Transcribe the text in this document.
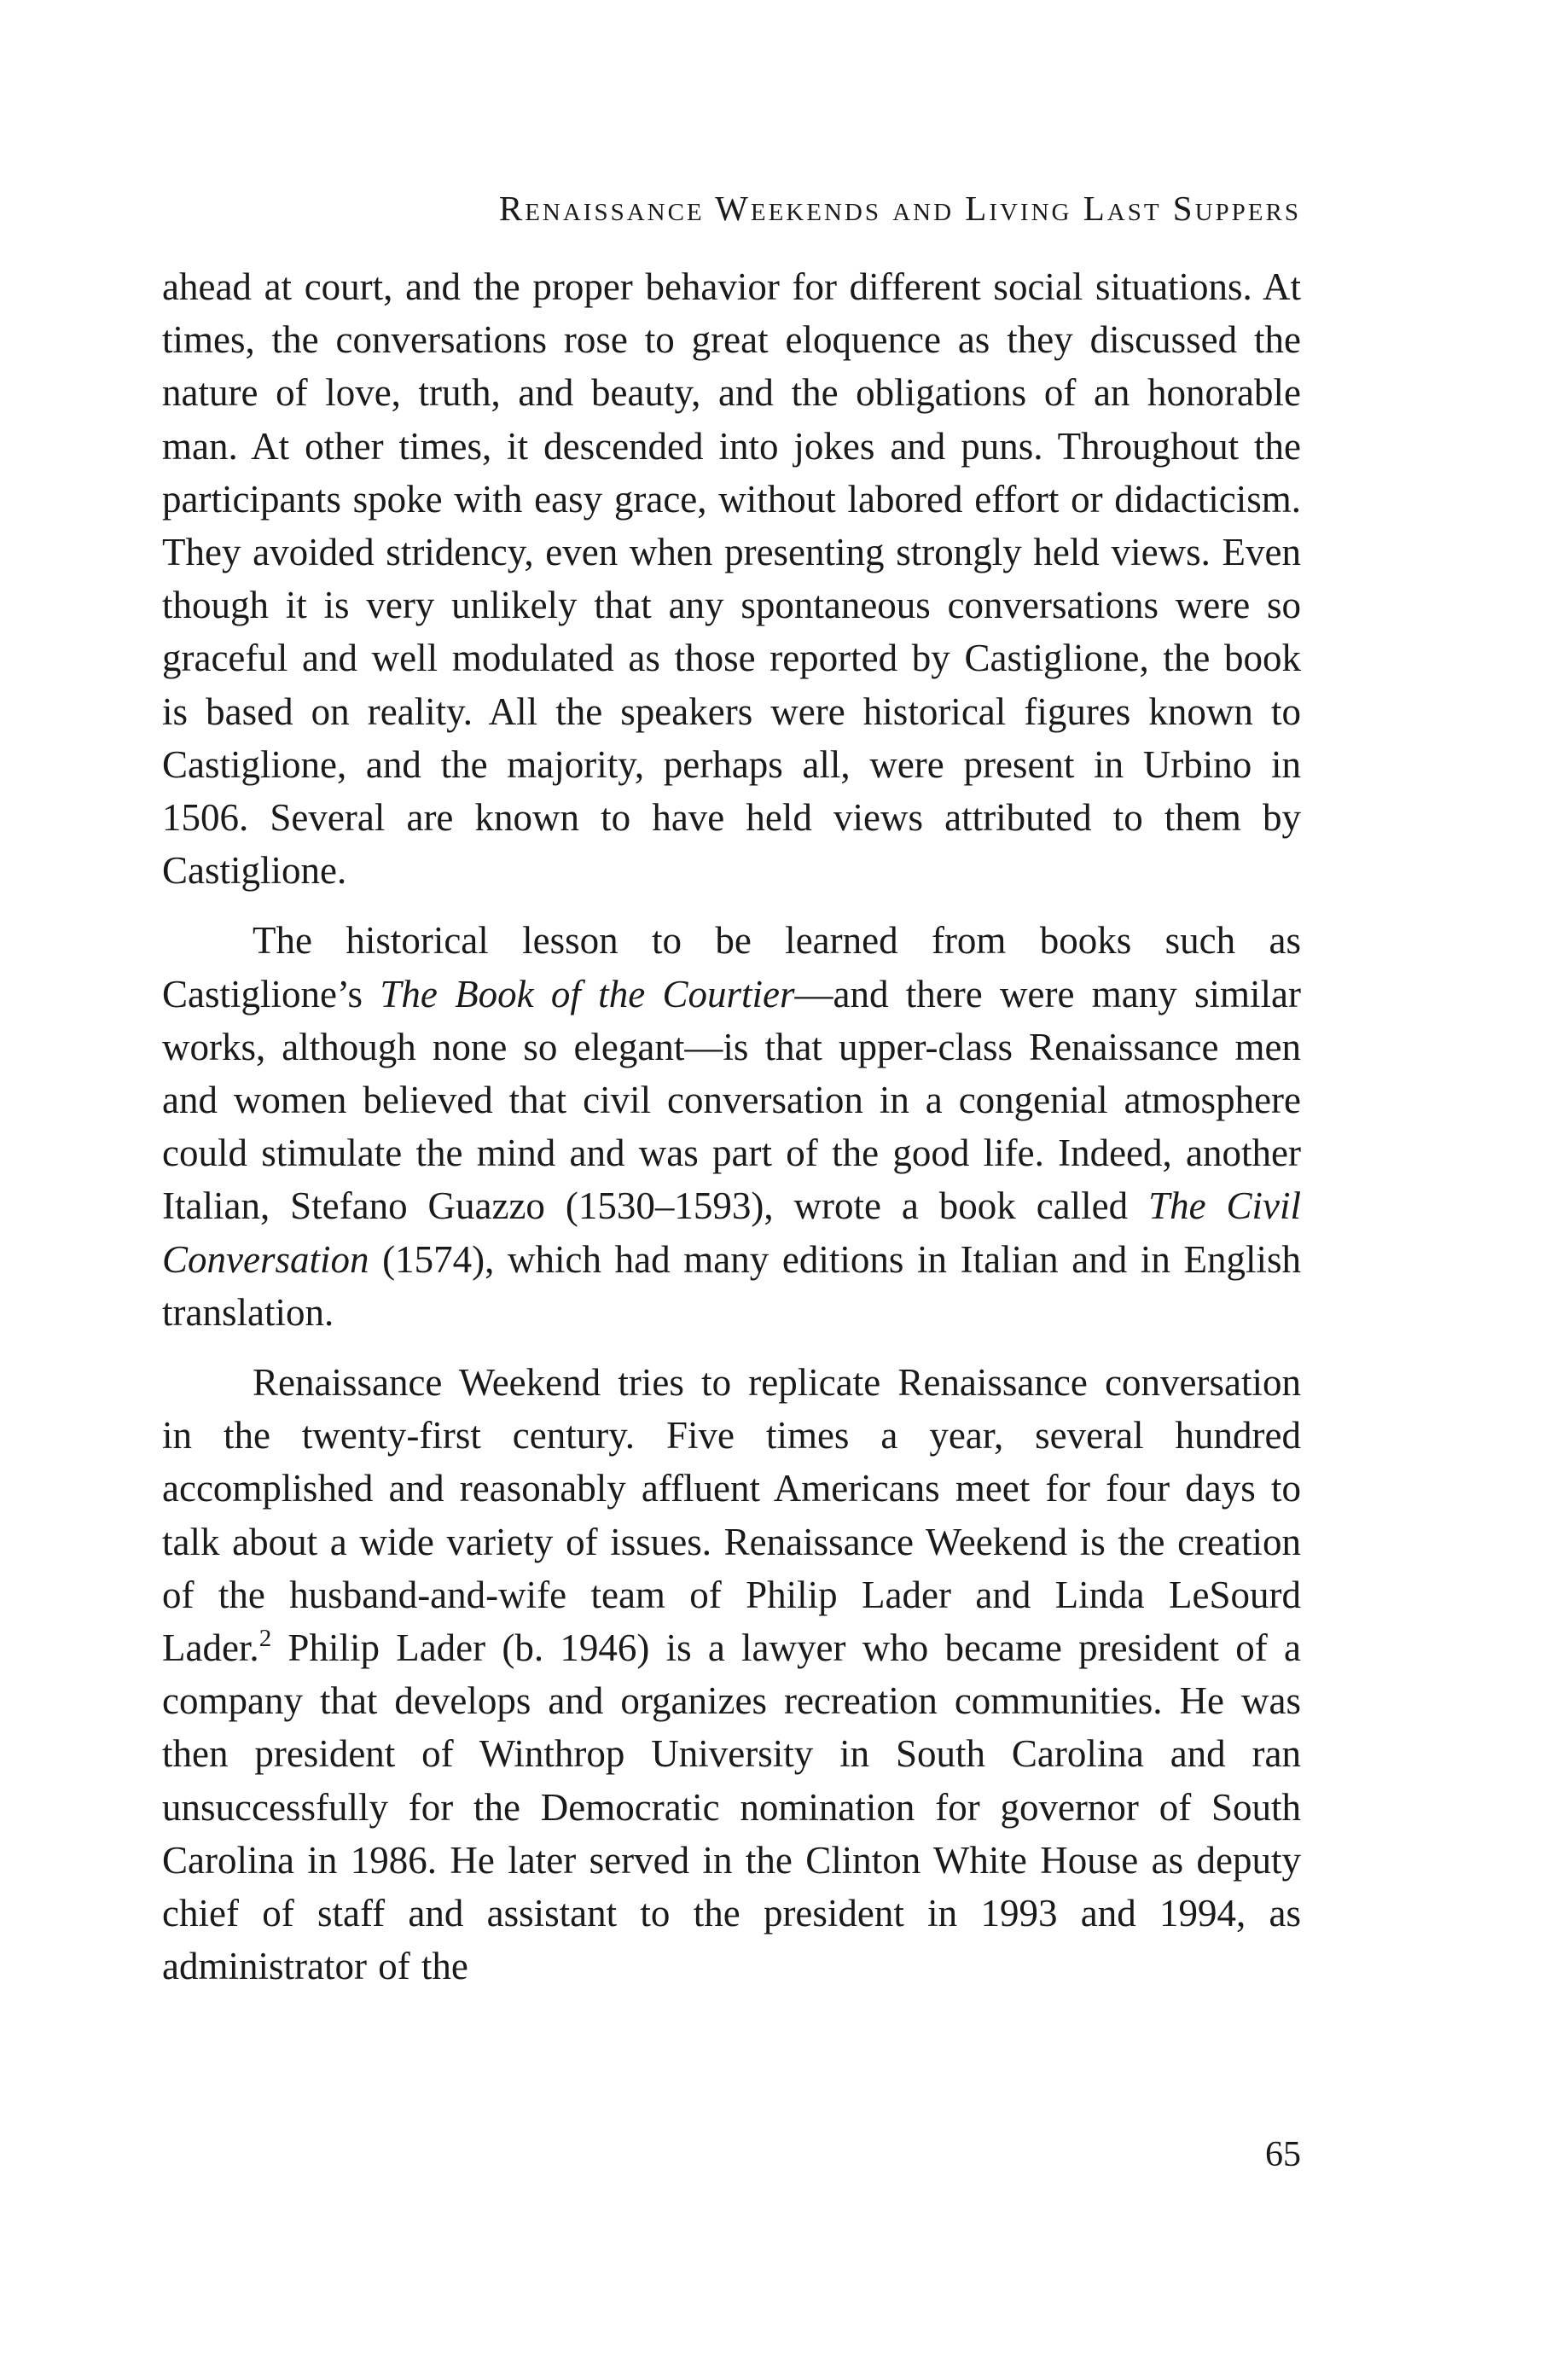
Renaissance Weekends and Living Last Suppers

ahead at court, and the proper behavior for different social situations. At times, the conversations rose to great eloquence as they discussed the nature of love, truth, and beauty, and the obligations of an honorable man. At other times, it descended into jokes and puns. Throughout the participants spoke with easy grace, without labored effort or didacticism. They avoided stridency, even when presenting strongly held views. Even though it is very unlikely that any spontaneous conversations were so graceful and well modulated as those reported by Castiglione, the book is based on reality. All the speakers were historical figures known to Castiglione, and the majority, perhaps all, were present in Urbino in 1506. Several are known to have held views attributed to them by Castiglione.

The historical lesson to be learned from books such as Castiglione’s The Book of the Courtier—and there were many similar works, although none so elegant—is that upper-class Renaissance men and women believed that civil conversation in a congenial atmosphere could stimulate the mind and was part of the good life. Indeed, another Italian, Stefano Guazzo (1530–1593), wrote a book called The Civil Conversation (1574), which had many editions in Italian and in English translation.

Renaissance Weekend tries to replicate Renaissance conversation in the twenty-first century. Five times a year, several hundred accomplished and reasonably affluent Americans meet for four days to talk about a wide variety of issues. Renaissance Weekend is the creation of the husband-and-wife team of Philip Lader and Linda LeSourd Lader.$^2$ Philip Lader (b. 1946) is a lawyer who became president of a company that develops and organizes recreation communities. He was then president of Winthrop University in South Carolina and ran unsuccessfully for the Democratic nomination for governor of South Carolina in 1986. He later served in the Clinton White House as deputy chief of staff and assistant to the president in 1993 and 1994, as administrator of the

65
